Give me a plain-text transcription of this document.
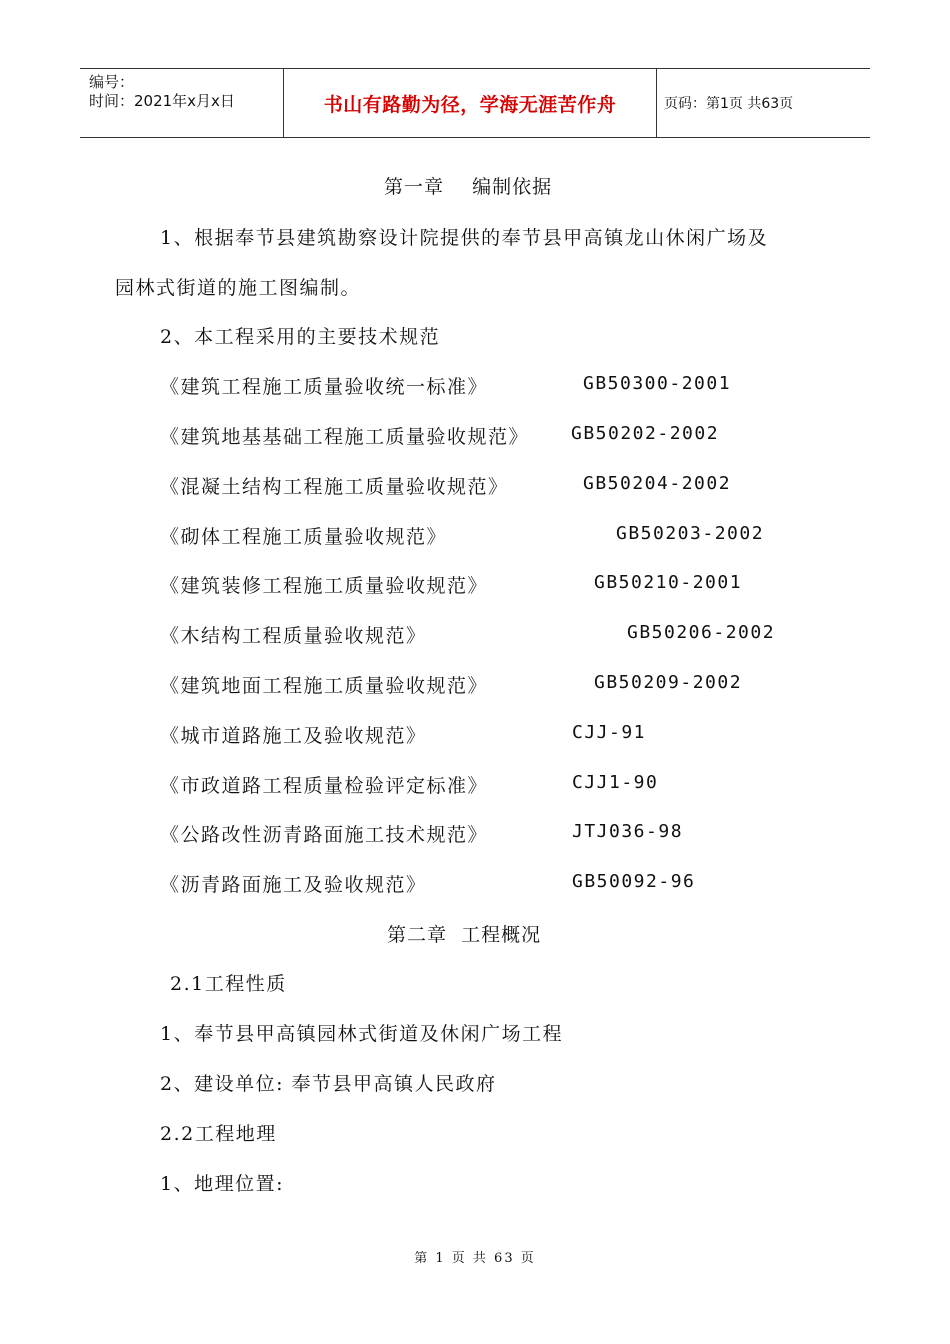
编号：
时间：2021年x月x日	书山有路勤为径，学海无涯苦作舟	页码：第1页 共63页
第一章    编制依据
1、根据奉节县建筑勘察设计院提供的奉节县甲高镇龙山休闲广场及
园林式街道的施工图编制。
2、本工程采用的主要技术规范
《建筑工程施工质量验收统一标准》	GB50300-2001
《建筑地基基础工程施工质量验收规范》 GB50202-2002
《混凝土结构工程施工质量验收规范》	GB50204-2002
《砌体工程施工质量验收规范》	GB50203-2002
《建筑装修工程施工质量验收规范》	GB50210-2001
《木结构工程质量验收规范》	GB50206-2002
《建筑地面工程施工质量验收规范》	GB50209-2002
《城市道路施工及验收规范》	CJJ-91
《市政道路工程质量检验评定标准》	CJJ1-90
《公路改性沥青路面施工技术规范》	JTJ036-98
《沥青路面施工及验收规范》	GB50092-96
第二章  工程概况
2.1工程性质
1、奉节县甲高镇园林式街道及休闲广场工程
2、建设单位: 奉节县甲高镇人民政府
2.2工程地理
1、地理位置:
第 1 页 共 63 页
